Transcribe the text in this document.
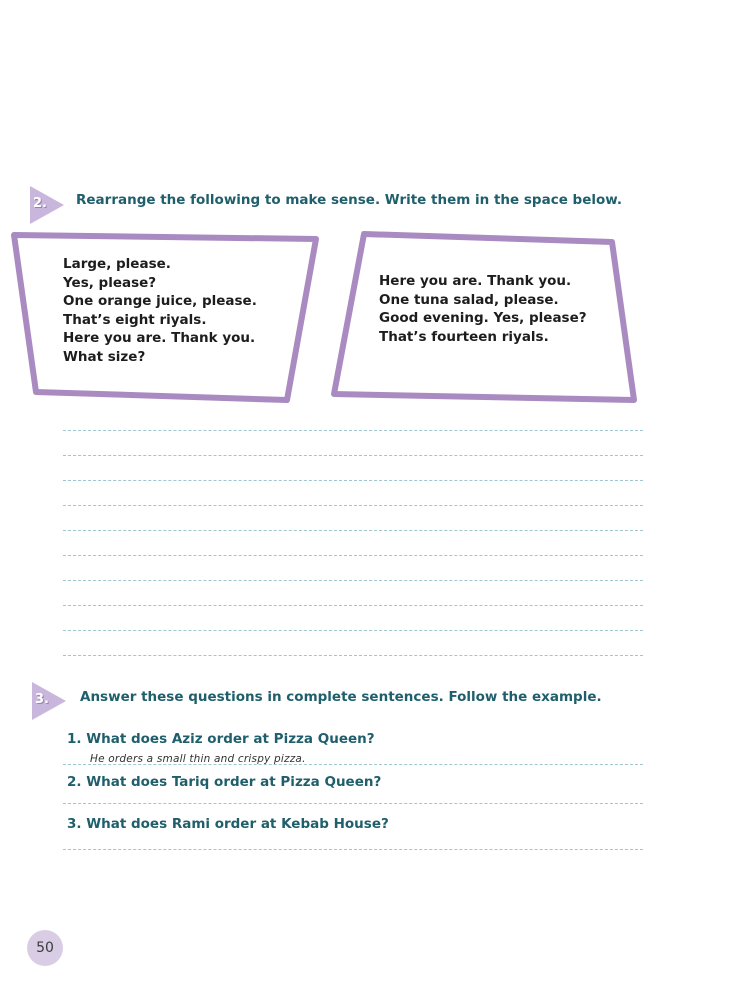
2.	Rearrange the following to make sense. Write them in the space below.
Large, please.
Yes, please?
One orange juice, please.
That’s eight riyals.
Here you are. Thank you.
What size?
Here you are. Thank you.
One tuna salad, please.
Good evening. Yes, please?
That’s fourteen riyals.
3.	Answer these questions in complete sentences. Follow the example.
1. What does Aziz order at Pizza Queen?
He orders a small thin and crispy pizza.
2. What does Tariq order at Pizza Queen?
3. What does Rami order at Kebab House?
50
